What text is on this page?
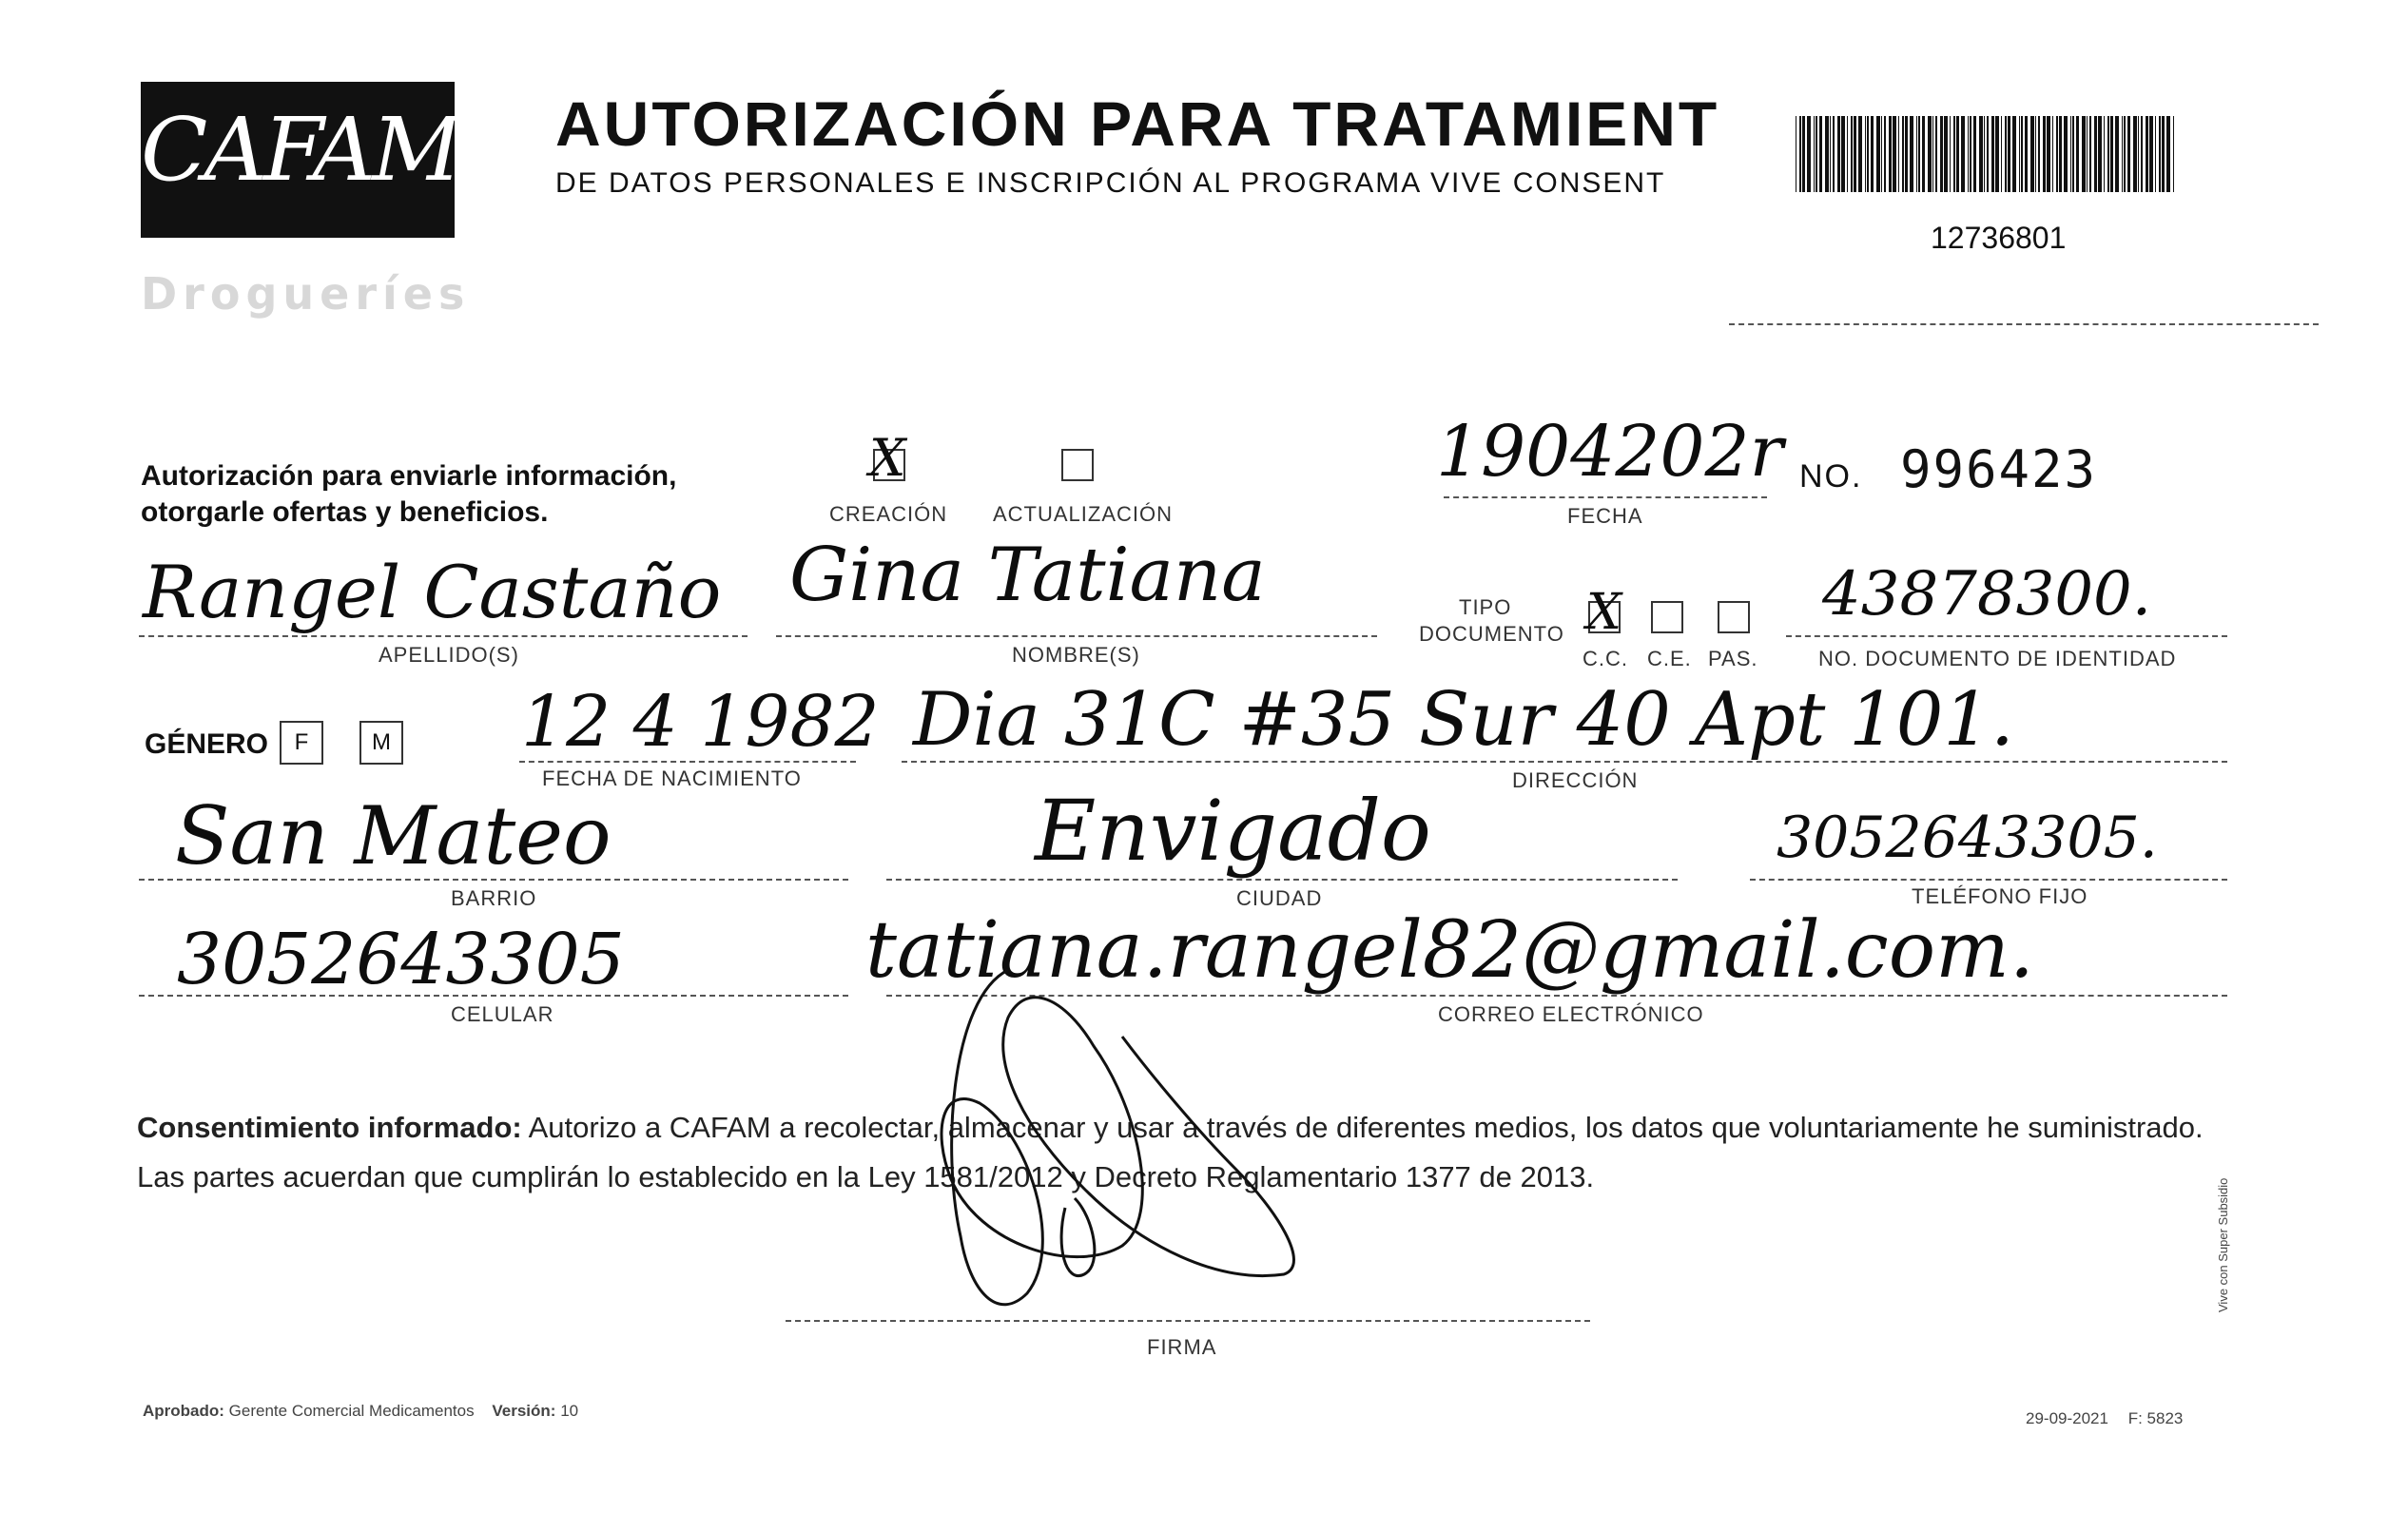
CAFAM
Drogueríes
AUTORIZACIÓN PARA TRATAMIENT
DE DATOS PERSONALES E INSCRIPCIÓN AL PROGRAMA VIVE CONSENT
12736801
Autorización para enviarle información,
otorgarle ofertas y beneficios.
X
CREACIÓN ACTUALIZACIÓN
1904202r
FECHA
NO. 996423
Rangel Castaño
APELLIDO(S)
Gina Tatiana
NOMBRE(S)
TIPO
DOCUMENTO X
C.C. C.E. PAS.
43878300.
NO. DOCUMENTO DE IDENTIDAD
GÉNERO	F	M 12 4 1982
FECHA DE NACIMIENTO
Dia 31C #35 Sur 40 Apt 101.
DIRECCIÓN
San Mateo
BARRIO
Envigado
CIUDAD
3052643305.
TELÉFONO FIJO
3052643305
CELULAR
tatiana.rangel82@gmail.com.
CORREO ELECTRÓNICO
Consentimiento informado: Autorizo a CAFAM a recolectar, almacenar y usar a través de diferentes medios, los datos que voluntariamente he suministrado.
Las partes acuerdan que cumplirán lo establecido en la Ley 1581/2012 y Decreto Reglamentario 1377 de 2013.
FIRMA
Aprobado: Gerente Comercial Medicamentos Versión: 10	29-09-2021 F: 5823
Vive con Super Subsidio
